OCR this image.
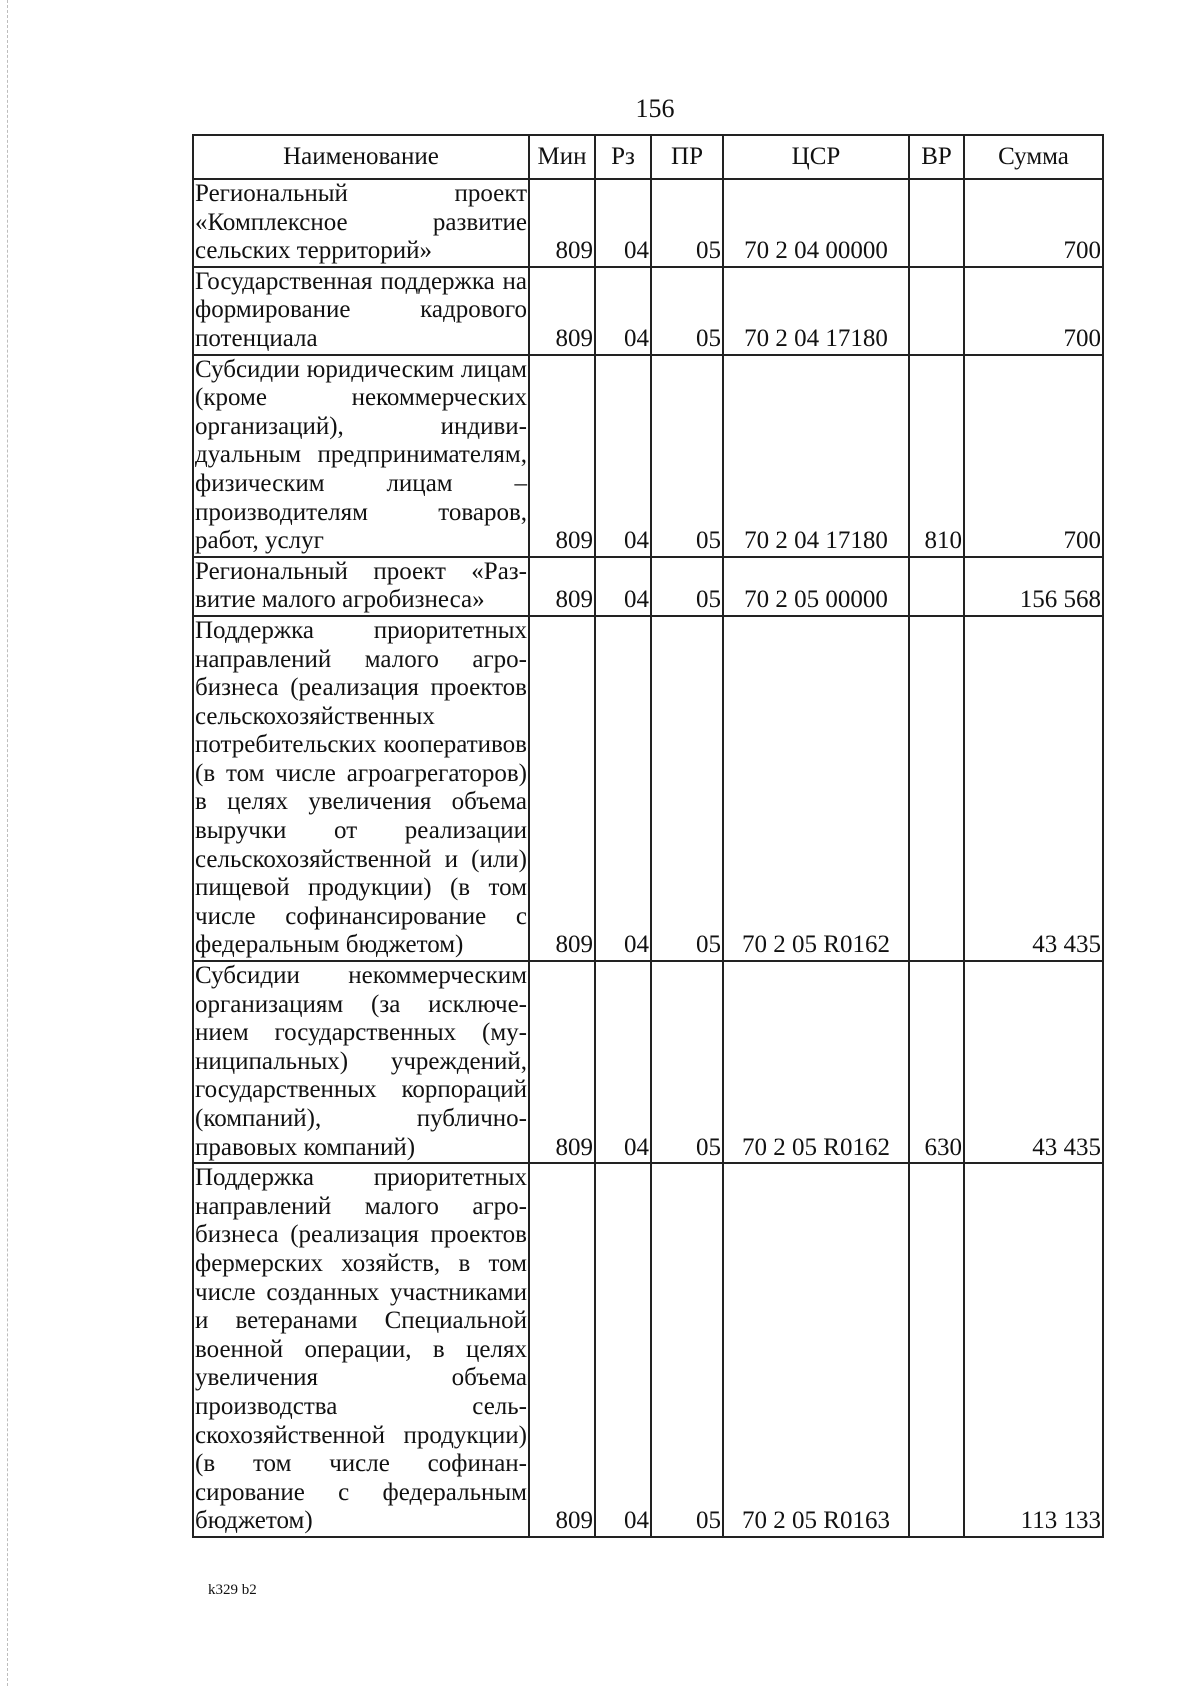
156
Наименование	Мин	Рз	ПР	ЦСР	ВР	Сумма
Региональный проект «Комплексное развитие сельских территорий»	809	04	05	70 2 04 00000		700
Государственная поддержка на формирование кадрового потенциала	809	04	05	70 2 04 17180		700
Субсидии юридическим лицам (кроме некоммерческих организаций), индивидуальным предпринимателям, физическим лицам – производителям товаров, работ, услуг	809	04	05	70 2 04 17180	810	700
Региональный проект «Развитие малого агробизнеса»	809	04	05	70 2 05 00000		156 568
Поддержка приоритетных направлений малого агробизнеса (реализация проектов сельскохозяйственных потребительских кооперативов (в том числе агроагрегаторов) в целях увеличения объема выручки от реализации сельскохозяйственной и (или) пищевой продукции) (в том числе софинансирование с федеральным бюджетом)	809	04	05	70 2 05 R0162		43 435
Субсидии некоммерческим организациям (за исключением государственных (муниципальных) учреждений, государственных корпораций (компаний), публично-правовых компаний)	809	04	05	70 2 05 R0162	630	43 435
Поддержка приоритетных направлений малого агробизнеса (реализация проектов фермерских хозяйств, в том числе созданных участниками и ветеранами Специальной военной операции, в целях увеличения объема производства сельскохозяйственной продукции) (в том числе софинансирование с федеральным бюджетом)	809	04	05	70 2 05 R0163		113 133
k329 b2
